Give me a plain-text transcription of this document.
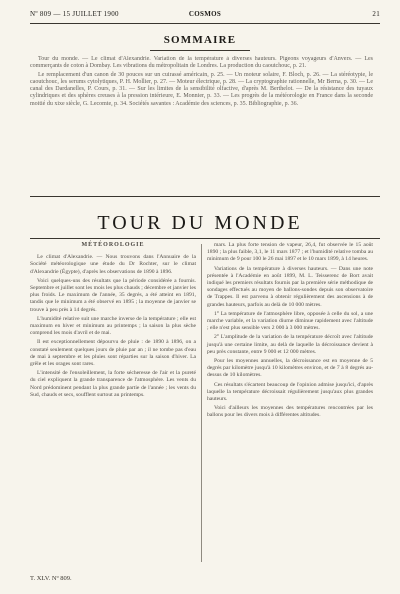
Nº 809 — 15 JUILLET 1900	COSMOS	21
SOMMAIRE

Tour du monde. — Le climat d'Alexandrie. Variation de la température à diverses hauteurs. Pigeons voyageurs d'Anvers. — Les commerçants de coton à Dombay. Les vibrations du métropolitain de Londres. La production du caoutchouc, p. 21.

Le remplacement d'un canon de 30 pouces sur un cuirassé américain, p. 25. — Un moteur solaire, F. Bloch, p. 26. — La stéréotypie, le caoutchouc, les serums cytolytiques, P. H. Mollier, p. 27. — Moteur électrique, p. 28. — La cryptographie rationnelle, Mr Berna, p. 30. — Le canal des Dardanelles, P. Cours, p. 31. — Sur les limites de la sensibilité olfactive, d'après M. Berthelot. — De la résistance des tuyaux cylindriques et des sphères creuses à la pression intérieure, E. Monnier, p. 33. — Les progrès de la météorologie en France dans la seconde moitié du xixe siècle, G. Lecomte, p. 34. Sociétés savantes : Académie des sciences, p. 35. Bibliographie, p. 36.

TOUR DU MONDE
MÉTÉOROLOGIE

Le climat d'Alexandrie. — Nous trouvons dans l'Annuaire de la Société météorologique une étude du Dr Rochter, sur le climat d'Alexandrie (Égypte), d'après les observations de 1890 à 1896.

Voici quelques-uns des résultats que la période considérée a fournis. Septembre et juillet sont les mois les plus chauds ; décembre et janvier les plus froids. Le maximum de l'année, 35 degrés, a été atteint en 1891, tandis que le minimum a été observé en 1895 ; la moyenne de janvier se trouve à peu près à 14 degrés.

L'humidité relative suit une marche inverse de la température ; elle est maximum en hiver et minimum au printemps ; la saison la plus sèche comprend les mois d'avril et de mai.

Il est exceptionnellement dépourvu de pluie : de 1890 à 1896, on a constaté seulement quelques jours de pluie par an ; il ne tombe pas d'eau de mai à septembre et les pluies sont réparties sur la saison d'hiver. La grêle et les orages sont rares.

L'intensité de l'ensoleillement, la forte sécheresse de l'air et la pureté du ciel expliquent la grande transparence de l'atmosphère. Les vents du Nord prédominent pendant la plus grande partie de l'année ; les vents du Sud, chauds et secs, soufflent surtout au printemps.

mars. La plus forte tension de vapeur, 26,4, fut observée le 15 août 1890 ; la plus faible, 3,1, le 11 mars 1877 ; et l'humidité relative tomba au minimum de 9 pour 100 le 26 mai 1897 et le 10 mars 1899, à 14 heures.

Variations de la température à diverses hauteurs. — Dans une note présentée à l'Académie en août 1899, M. L. Teisserenc de Bort avait indiqué les premiers résultats fournis par la première série méthodique de sondages effectués au moyen de ballons-sondes depuis son observatoire de Trappes. Il est parvenu à obtenir régulièrement des ascensions à de grandes hauteurs, parfois au delà de 10 000 mètres.

1° La température de l'atmosphère libre, opposée à celle du sol, a une marche variable, et la variation diurne diminue rapidement avec l'altitude ; elle n'est plus sensible vers 2 000 à 3 000 mètres.

2° L'amplitude de la variation de la température décroît avec l'altitude jusqu'à une certaine limite, au delà de laquelle la décroissance devient à peu près constante, entre 9 000 et 12 000 mètres.

Pour les moyennes annuelles, la décroissance est en moyenne de 5 degrés par kilomètre jusqu'à 10 kilomètres environ, et de 7 à 8 degrés au-dessus de 10 kilomètres.

Ces résultats s'écartent beaucoup de l'opinion admise jusqu'ici, d'après laquelle la température décroissait régulièrement jusqu'aux plus grandes hauteurs.

Voici d'ailleurs les moyennes des températures rencontrées par les ballons pour les divers mois à différentes altitudes.

T. XLV. Nº 809.
